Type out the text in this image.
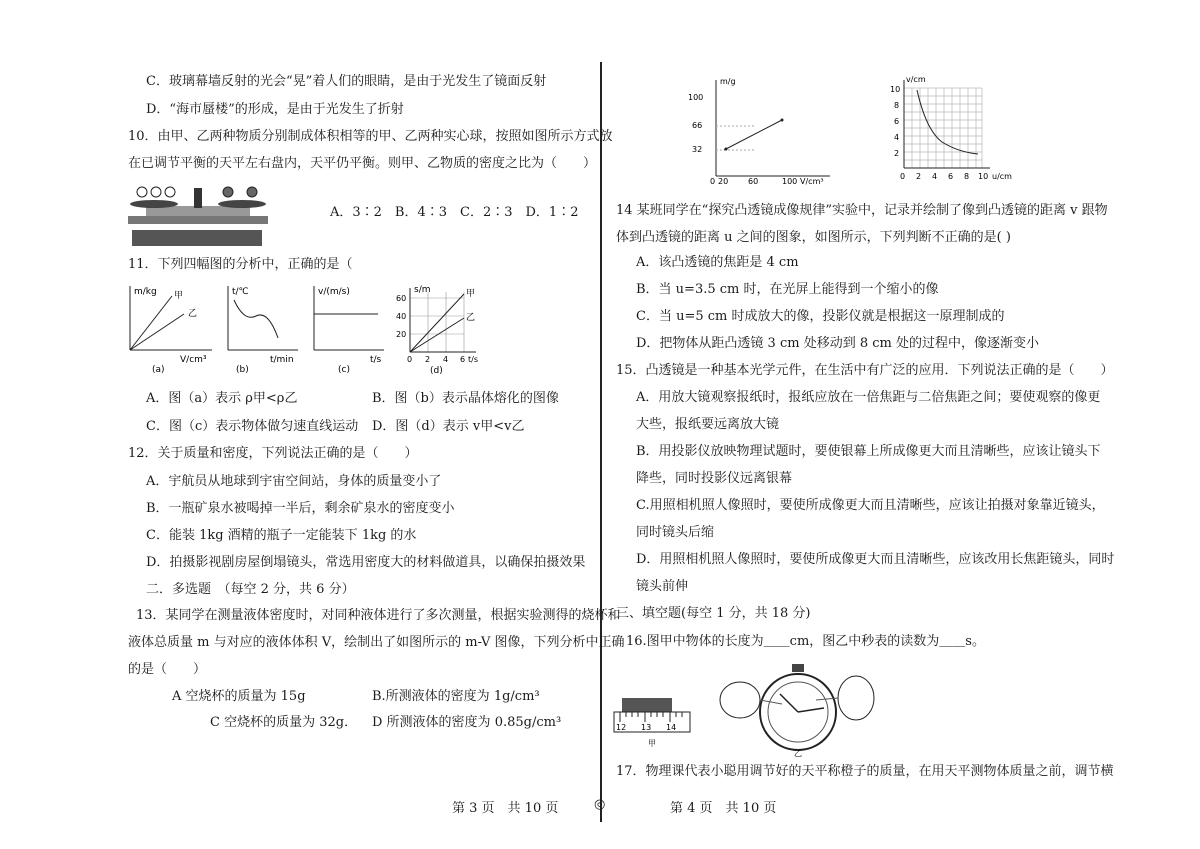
C．玻璃幕墙反射的光会“晃”着人们的眼睛，是由于光发生了镜面反射
D．“海市蜃楼”的形成，是由于光发生了折射
10．由甲、乙两种物质分别制成体积相等的甲、乙两种实心球，按照如图所示方式放
在已调节平衡的天平左右盘内，天平仍平衡。则甲、乙物质的密度之比为（　　）
A．3∶2　B．4∶3　C．2∶3　D．1∶2
11．下列四幅图的分析中，正确的是（
m/kg 甲
乙
V/cm³
(a)
t/℃
t/min
(b)
v/(m/s)
t/s
(c)
s/m	甲
乙
60
40
20
0 2 4 6 t/s
(d)
A．图（a）表示 ρ甲<ρ乙	B．图（b）表示晶体熔化的图像
C．图（c）表示物体做匀速直线运动 D．图（d）表示 v甲<v乙
12．关于质量和密度，下列说法正确的是（　　）
A．宇航员从地球到宇宙空间站，身体的质量变小了
B．一瓶矿泉水被喝掉一半后，剩余矿泉水的密度变小
C．能装 1kg 酒精的瓶子一定能装下 1kg 的水
D．拍摄影视剧房屋倒塌镜头，常选用密度大的材料做道具，以确保拍摄效果
二．多选题　（每空 2 分，共 6 分）
13．某同学在测量液体密度时，对同种液体进行了多次测量，根据实验测得的烧杯和
液体总质量 m 与对应的液体体积 V，绘制出了如图所示的 m-V 图像，下列分析中正确
的是（　　）
A 空烧杯的质量为 15g	B.所测液体的密度为 1g/cm³
C 空烧杯的质量为 32g． D 所测液体的密度为 0.85g/cm³
第 3 页　共 10 页	◎
m/g
100
66
32
0 20 60	100 V/cm³
v/cm
10
8
6
4
2
0 2 4 6 8 10 u/cm
14 某班同学在“探究凸透镜成像规律”实验中，记录并绘制了像到凸透镜的距离 v 跟物
体到凸透镜的距离 u 之间的图象，如图所示，下列判断不正确的是( )
A．该凸透镜的焦距是 4 cm
B．当 u=3.5 cm 时，在光屏上能得到一个缩小的像
C．当 u=5 cm 时成放大的像，投影仪就是根据这一原理制成的
D．把物体从距凸透镜 3 cm 处移动到 8 cm 处的过程中，像逐渐变小
15．凸透镜是一种基本光学元件，在生活中有广泛的应用．下列说法正确的是（　　）
A．用放大镜观察报纸时，报纸应放在一倍焦距与二倍焦距之间；要使观察的像更
大些，报纸要远离放大镜
B．用投影仪放映物理试题时，要使银幕上所成像更大而且清晰些，应该让镜头下
降些，同时投影仪远离银幕
C.用照相机照人像照时，要使所成像更大而且清晰些，应该让拍摄对象靠近镜头，
同时镜头后缩
D．用照相机照人像照时，要使所成像更大而且清晰些，应该改用长焦距镜头，同时
镜头前伸
三、填空题(每空 1 分，共 18 分)
16.图甲中物体的长度为＿＿cm，图乙中秒表的读数为＿＿s。
12 13 14
甲
乙
17．物理课代表小聪用调节好的天平称橙子的质量，在用天平测物体质量之前，调节横
第 4 页　共 10 页
